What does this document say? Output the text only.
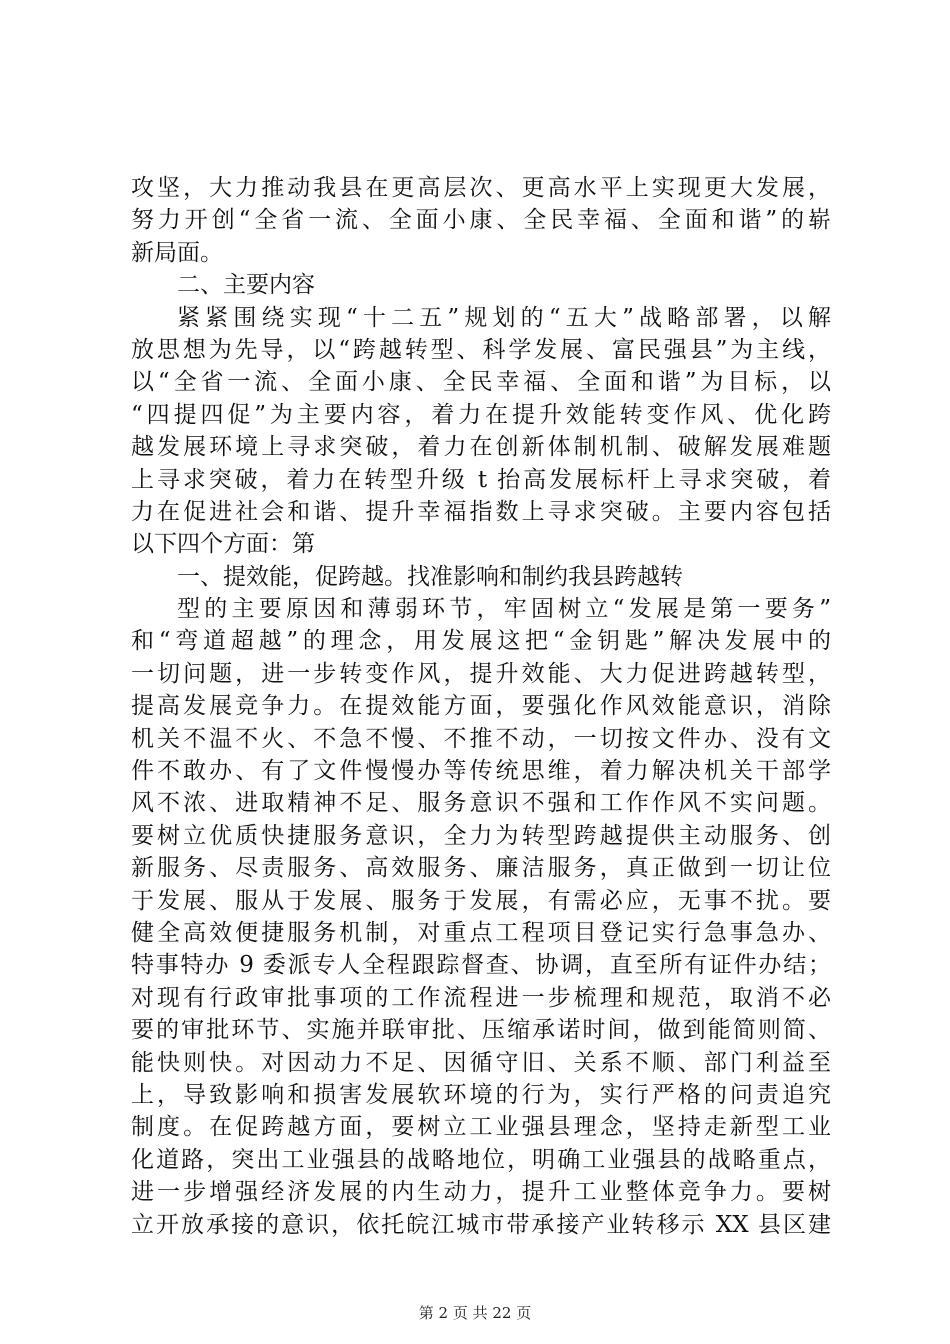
攻坚，大力推动我县在更高层次、更高水平上实现更大发展，
努力开创“全省一流、全面小康、全民幸福、全面和谐”的崭
新局面。
二、主要内容
紧紧围绕实现“十二五”规划的“五大”战略部署，以解
放思想为先导，以“跨越转型、科学发展、富民强县”为主线，
以“全省一流、全面小康、全民幸福、全面和谐”为目标，以
“四提四促”为主要内容，着力在提升效能转变作风、优化跨
越发展环境上寻求突破，着力在创新体制机制、破解发展难题
上寻求突破，着力在转型升级 t 抬高发展标杆上寻求突破，着
力在促进社会和谐、提升幸福指数上寻求突破。主要内容包括
以下四个方面：第
一、提效能，促跨越。找准影响和制约我县跨越转
型的主要原因和薄弱环节，牢固树立“发展是第一要务”
和“弯道超越”的理念，用发展这把“金钥匙”解决发展中的
一切问题，进一步转变作风，提升效能、大力促进跨越转型，
提高发展竞争力。在提效能方面，要强化作风效能意识，消除
机关不温不火、不急不慢、不推不动，一切按文件办、没有文
件不敢办、有了文件慢慢办等传统思维，着力解决机关干部学
风不浓、进取精神不足、服务意识不强和工作作风不实问题。
要树立优质快捷服务意识，全力为转型跨越提供主动服务、创
新服务、尽责服务、高效服务、廉洁服务，真正做到一切让位
于发展、服从于发展、服务于发展，有需必应，无事不扰。要
健全高效便捷服务机制，对重点工程项目登记实行急事急办、
特事特办 9 委派专人全程跟踪督查、协调，直至所有证件办结；
对现有行政审批事项的工作流程进一步梳理和规范，取消不必
要的审批环节、实施并联审批、压缩承诺时间，做到能简则简、
能快则快。对因动力不足、因循守旧、关系不顺、部门利益至
上，导致影响和损害发展软环境的行为，实行严格的问责追究
制度。在促跨越方面，要树立工业强县理念，坚持走新型工业
化道路，突出工业强县的战略地位，明确工业强县的战略重点，
进一步增强经济发展的内生动力，提升工业整体竞争力。要树
立开放承接的意识，依托皖江城市带承接产业转移示 XX 县区建
第 2 页 共 22 页
